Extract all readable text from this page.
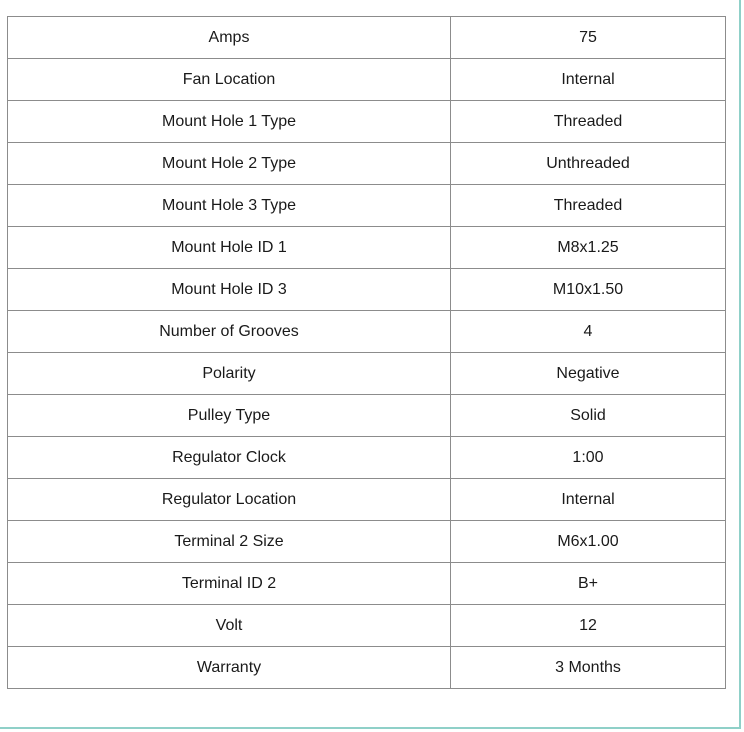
Amps	75
Fan Location	Internal
Mount Hole 1 Type	Threaded
Mount Hole 2 Type	Unthreaded
Mount Hole 3 Type	Threaded
Mount Hole ID 1	M8x1.25
Mount Hole ID 3	M10x1.50
Number of Grooves	4
Polarity	Negative
Pulley Type	Solid
Regulator Clock	1:00
Regulator Location	Internal
Terminal 2 Size	M6x1.00
Terminal ID 2	B+
Volt	12
Warranty	3 Months
